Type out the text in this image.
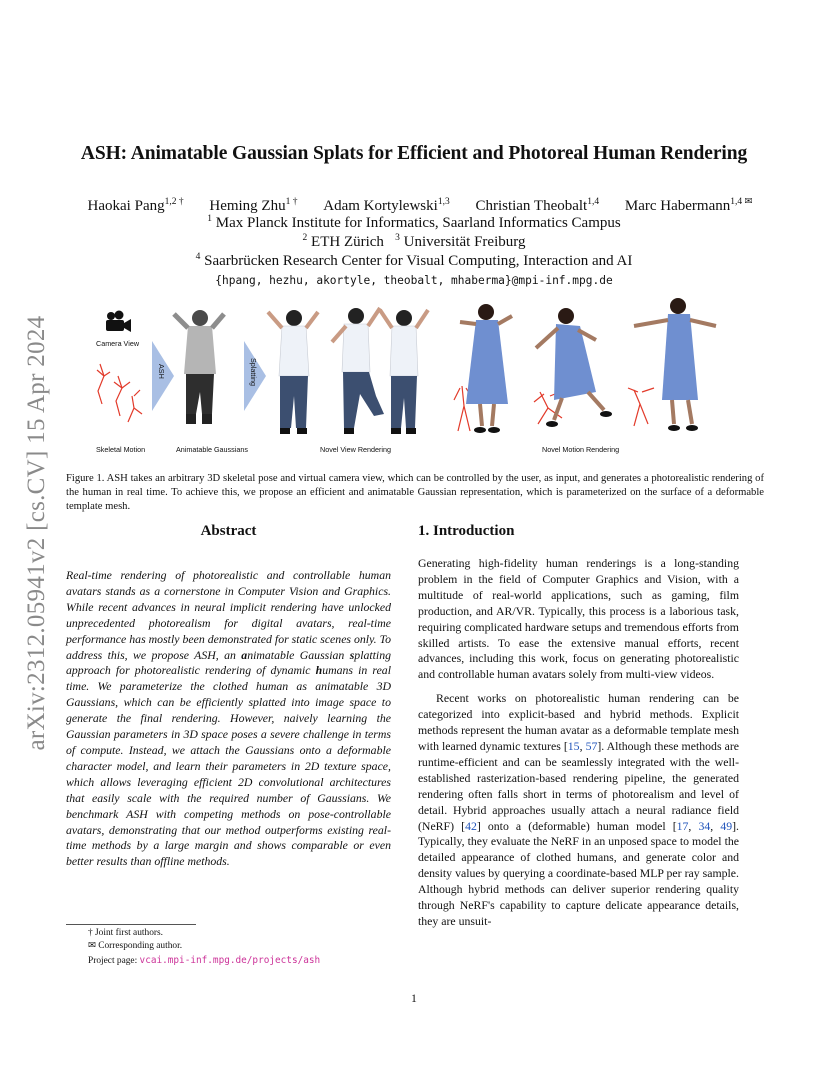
arXiv:2312.05941v2 [cs.CV] 15 Apr 2024
ASH: Animatable Gaussian Splats for Efficient and Photoreal Human Rendering
Haokai Pang$^{1,2 \dagger}$ Heming Zhu$^{1 \dagger}$ Adam Kortylewski$^{1,3}$ Christian Theobalt$^{1,4}$ Marc Habermann$^{1,4 ✉}$
$^1$ Max Planck Institute for Informatics, Saarland Informatics Campus
$^2$ ETH Zürich $^3$ Universität Freiburg
$^4$ Saarbrücken Research Center for Visual Computing, Interaction and AI
{hpang, hezhu, akortyle, theobalt, mhaberma}@mpi-inf.mpg.de
Camera View
Skeletal Motion
ASH
Animatable Gaussians
Splatting
Novel View Rendering	Novel Motion Rendering
Figure 1. ASH takes an arbitrary 3D skeletal pose and virtual camera view, which can be controlled by the user, as input, and generates a photorealistic rendering of the human in real time. To achieve this, we propose an efficient and animatable Gaussian representation, which is parameterized on the surface of a deformable template mesh.
Abstract
Real-time rendering of photorealistic and controllable human avatars stands as a cornerstone in Computer Vision and Graphics. While recent advances in neural implicit rendering have unlocked unprecedented photorealism for digital avatars, real-time performance has mostly been demonstrated for static scenes only. To address this, we propose ASH, an animatable Gaussian splatting approach for photorealistic rendering of dynamic humans in real time. We parameterize the clothed human as animatable 3D Gaussians, which can be efficiently splatted into image space to generate the final rendering. However, naively learning the Gaussian parameters in 3D space poses a severe challenge in terms of compute. Instead, we attach the Gaussians onto a deformable character model, and learn their parameters in 2D texture space, which allows leveraging efficient 2D convolutional architectures that easily scale with the required number of Gaussians. We benchmark ASH with competing methods on pose-controllable avatars, demonstrating that our method outperforms existing real-time methods by a large margin and shows comparable or even better results than offline methods.
1. Introduction
Generating high-fidelity human renderings is a long-standing problem in the field of Computer Graphics and Vision, with a multitude of real-world applications, such as gaming, film production, and AR/VR. Typically, this process is a laborious task, requiring complicated hardware setups and tremendous efforts from skilled artists. To ease the extensive manual efforts, recent advances, including this work, focus on generating photorealistic and controllable human avatars solely from multi-view videos.
Recent works on photorealistic human rendering can be categorized into explicit-based and hybrid methods. Explicit methods represent the human avatar as a deformable template mesh with learned dynamic textures [15, 57]. Although these methods are runtime-efficient and can be seamlessly integrated with the well-established rasterization-based rendering pipeline, the generated rendering often falls short in terms of photorealism and level of detail. Hybrid approaches usually attach a neural radiance field (NeRF) [42] onto a (deformable) human model [17, 34, 49]. Typically, they evaluate the NeRF in an unposed space to model the detailed appearance of clothed humans, and generate color and density values by querying a coordinate-based MLP per ray sample. Although hybrid methods can deliver superior rendering quality through NeRF's capability to capture delicate appearance details, they are unsuit-
† Joint first authors.
✉ Corresponding author.
Project page: vcai.mpi-inf.mpg.de/projects/ash
1
